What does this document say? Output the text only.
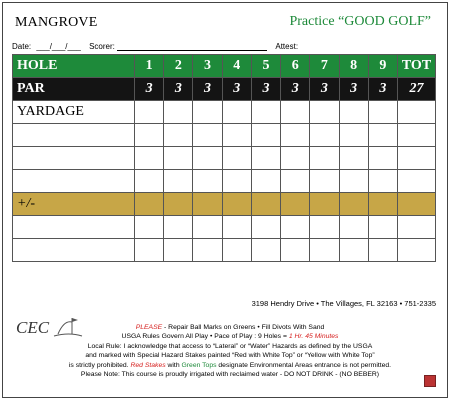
MANGROVE	Practice “GOOD GOLF”
Date: ___/___/___ Scorer:	Attest:
HOLE	1	2	3	4	5	6	7	8	9	TOT
PAR	3	3	3	3	3	3	3	3	3	27
YARDAGE										

+/-										

3198 Hendry Drive • The Villages, FL 32163 • 751-2335
CEC	PLEASE - Repair Ball Marks on Greens • Fill Divots With Sand
USGA Rules Govern All Play • Pace of Play : 9 Holes = 1 Hr. 45 Minutes
Local Rule: I acknowledge that access to “Lateral” or “Water” Hazards as defined by the USGA
and marked with Special Hazard Stakes painted “Red with White Top” or “Yellow with White Top”
is strictly prohibited. Red Stakes with Green Tops designate Environmental Areas entrance is not permitted.
Please Note: This course is proudly irrigated with reclaimed water - DO NOT DRINK - (NO BEBER)
